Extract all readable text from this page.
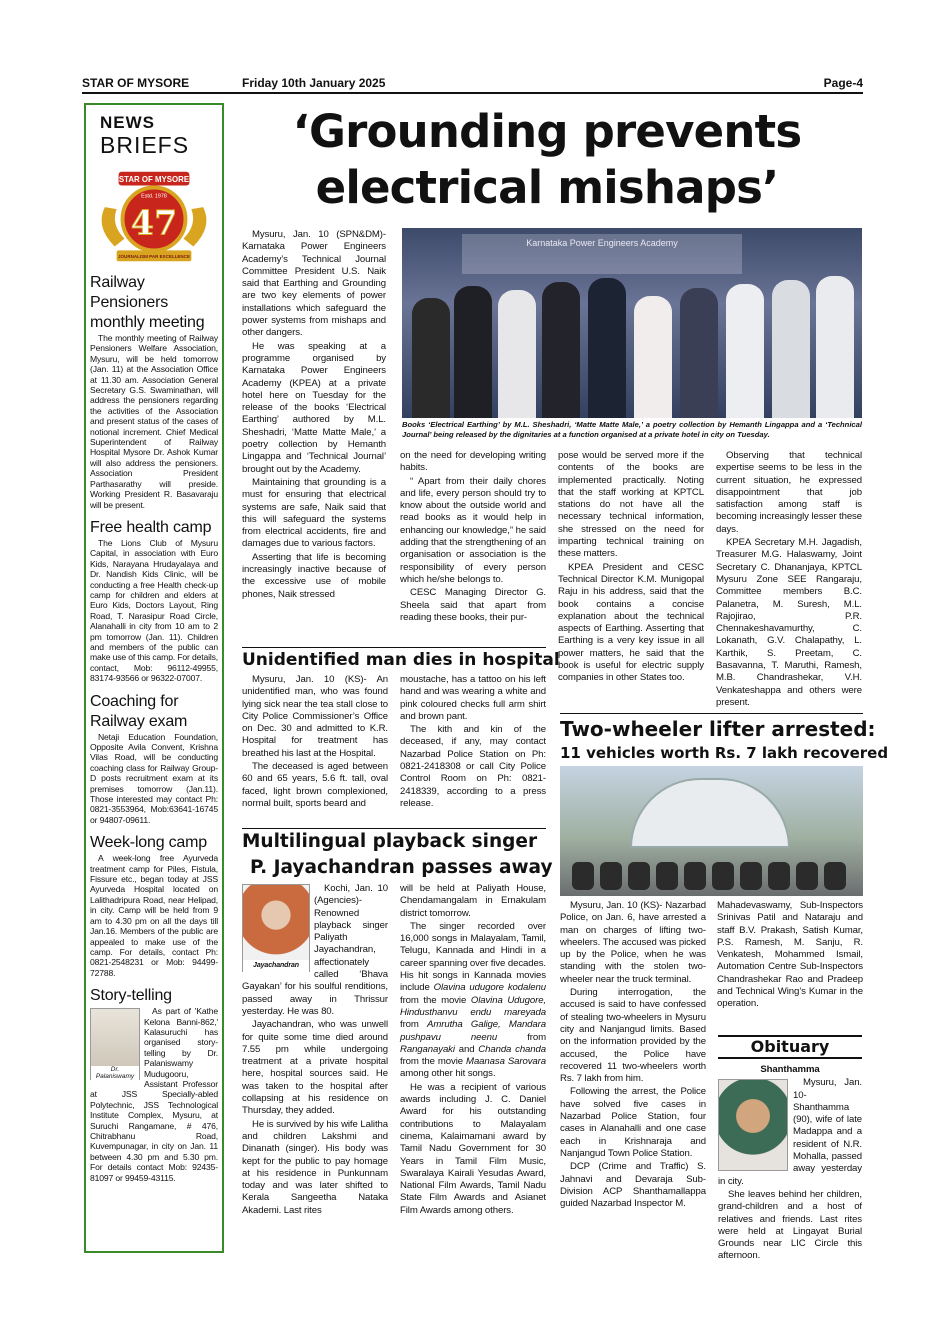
STAR OF MYSORE	Friday 10th January 2025	Page-4
NEWS
BRIEFS
STAR OF MYSORE
Estd. 1978
47
JOURNALISM PAR EXCELLENCE
Railway Pensioners monthly meeting
The monthly meeting of Railway Pensioners Welfare Association, Mysuru, will be held tomorrow (Jan. 11) at the Association Office at 11.30 am. Association General Secretary G.S. Swaminathan, will address the pensioners regarding the activities of the Association and present status of the cases of notional increment. Chief Medical Superintendent of Railway Hospital Mysore Dr. Ashok Kumar will also address the pensioners. Association President Parthasarathy will preside. Working President R. Basavaraju will be present.
Free health camp
The Lions Club of Mysuru Capital, in association with Euro Kids, Narayana Hrudayalaya and Dr. Nandish Kids Clinic, will be conducting a free Health check-up camp for children and elders at Euro Kids, Doctors Layout, Ring Road, T. Narasipur Road Circle, Alanahalli in city from 10 am to 2 pm tomorrow (Jan. 11). Children and members of the public can make use of this camp. For details, contact, Mob: 96112-49955, 83174-93566 or 96322-07007.
Coaching for Railway exam
Netaji Education Foundation, Opposite Avila Convent, Krishna Vilas Road, will be conducting coaching class for Railway Group-D posts recruitment exam at its premises tomorrow (Jan.11). Those interested may contact Ph: 0821-3553964, Mob:63641-16745 or 94807-09611.
Week-long camp
A week-long free Ayurveda treatment camp for Piles, Fistula, Fissure etc., began today at JSS Ayurveda Hospital located on Lalithadripura Road, near Helipad, in city. Camp will be held from 9 am to 4.30 pm on all the days till Jan.16. Members of the public are appealed to make use of the camp. For details, contact Ph: 0821-2548231 or Mob: 94499-72788.
Story-telling
Dr. Palaniswamy
As part of 'Kathe Kelona Banni-862,' Kalasuruchi has organised story-telling by Dr. Palaniswamy Mudugooru, Assistant Professor at JSS Specially-abled Polytechnic, JSS Technological Institute Complex, Mysuru, at Suruchi Rangamane, # 476, Chitrabhanu Road, Kuvempunagar, in city on Jan. 11 between 4.30 pm and 5.30 pm. For details contact Mob: 92435-81097 or 99459-43115.
‘Grounding prevents
electrical mishaps’

Mysuru, Jan. 10 (SPN&DM)- Karnataka Power Engineers Academy’s Technical Journal Committee President U.S. Naik said that Earthing and Grounding are two key elements of power installations which safeguard the power systems from mishaps and other dangers.

He was speaking at a programme organised by Karnataka Power Engineers Academy (KPEA) at a private hotel here on Tuesday for the release of the books ‘Electrical Earthing’ authored by M.L. Sheshadri, ‘Matte Matte Male,’ a poetry collection by Hemanth Lingappa and ‘Technical Journal’ brought out by the Academy.

Maintaining that grounding is a must for ensuring that electrical systems are safe, Naik said that this will safeguard the systems from electrical accidents, fire and damages due to various factors.

Asserting that life is becoming increasingly inactive because of the excessive use of mobile phones, Naik stressed

Karnataka Power Engineers Academy
Books ‘Electrical Earthing’ by M.L. Sheshadri, ‘Matte Matte Male,’ a poetry collection by Hemanth Lingappa and a ‘Technical Journal’ being released by the dignitaries at a function organised at a private hotel in city on Tuesday.

on the need for developing writing habits.

“ Apart from their daily chores and life, every person should try to know about the outside world and read books as it would help in enhancing our knowledge,” he said adding that the strengthening of an organisation or association is the responsibility of every person which he/she belongs to.

CESC Managing Director G. Sheela said that apart from reading these books, their pur-

pose would be served more if the contents of the books are implemented practically. Noting that the staff working at KPTCL stations do not have all the necessary technical information, she stressed on the need for imparting technical training on these matters.

KPEA President and CESC Technical Director K.M. Munigopal Raju in his address, said that the book contains a concise explanation about the technical aspects of Earthing. Asserting that Earthing is a very key issue in all power matters, he said that the book is useful for electric supply companies in other States too.

Observing that technical expertise seems to be less in the current situation, he expressed disappointment that job satisfaction among staff is becoming increasingly lesser these days.

KPEA Secretary M.H. Jagadish, Treasurer M.G. Halaswamy, Joint Secretary C. Dhananjaya, KPTCL Mysuru Zone SEE Rangaraju, Committee members B.C. Palanetra, M. Suresh, M.L. Rajojirao, P.R. Chennakeshavamurthy, C. Lokanath, G.V. Chalapathy, L. Karthik, S. Preetam, C. Basavanna, T. Maruthi, Ramesh, M.B. Chandrashekar, V.H. Venkateshappa and others were present.

Unidentified man dies in hospital

Mysuru, Jan. 10 (KS)- An unidentified man, who was found lying sick near the tea stall close to City Police Commissioner’s Office on Dec. 30 and admitted to K.R. Hospital for treatment has breathed his last at the Hospital.

The deceased is aged between 60 and 65 years, 5.6 ft. tall, oval faced, light brown complexioned, normal built, sports beard and

moustache, has a tattoo on his left hand and was wearing a white and pink coloured checks full arm shirt and brown pant.

The kith and kin of the deceased, if any, may contact Nazarbad Police Station on Ph: 0821-2418308 or call City Police Control Room on Ph: 0821-2418339, according to a press release.

Multilingual playback singer
P. Jayachandran passes away
Jayachandran

Kochi, Jan. 10 (Agencies)- Renowned playback singer Paliyath Jayachandran, affectionately called ‘Bhava Gayakan’ for his soulful renditions, passed away in Thrissur yesterday. He was 80.

Jayachandran, who was unwell for quite some time died around 7.55 pm while undergoing treatment at a private hospital here, hospital sources said. He was taken to the hospital after collapsing at his residence on Thursday, they added.

He is survived by his wife Lalitha and children Lakshmi and Dinanath (singer). His body was kept for the public to pay homage at his residence in Punkunnam today and was later shifted to Kerala Sangeetha Nataka Akademi. Last rites

will be held at Paliyath House, Chendamangalam in Ernakulam district tomorrow.

The singer recorded over 16,000 songs in Malayalam, Tamil, Telugu, Kannada and Hindi in a career spanning over five decades. His hit songs in Kannada movies include Olavina udugore kodalenu from the movie Olavina Udugore, Hindusthanvu endu mareyada from Amrutha Galige, Mandara pushpavu neenu from Ranganayaki and Chanda chanda from the movie Maanasa Sarovara among other hit songs.

He was a recipient of various awards including J. C. Daniel Award for his outstanding contributions to Malayalam cinema, Kalaimamani award by Tamil Nadu Government for 30 Years in Tamil Film Music, Swaralaya Kairali Yesudas Award, National Film Awards, Tamil Nadu State Film Awards and Asianet Film Awards among others.

Two-wheeler lifter arrested:
11 vehicles worth Rs. 7 lakh recovered

Mysuru, Jan. 10 (KS)- Nazarbad Police, on Jan. 6, have arrested a man on charges of lifting two-wheelers. The accused was picked up by the Police, when he was standing with the stolen two-wheeler near the truck terminal.

During interrogation, the accused is said to have confessed of stealing two-wheelers in Mysuru city and Nanjangud limits. Based on the information provided by the accused, the Police have recovered 11 two-wheelers worth Rs. 7 lakh from him.

Following the arrest, the Police have solved five cases in Nazarbad Police Station, four cases in Alanahalli and one case each in Krishnaraja and Nanjangud Town Police Station.

DCP (Crime and Traffic) S. Jahnavi and Devaraja Sub-Division ACP Shanthamallappa guided Nazarbad Inspector M.

Mahadevaswamy, Sub-Inspectors Srinivas Patil and Nataraju and staff B.V. Prakash, Satish Kumar, P.S. Ramesh, M. Sanju, R. Venkatesh, Mohammed Ismail, Automation Centre Sub-Inspectors Chandrashekar Rao and Pradeep and Technical Wing’s Kumar in the operation.

Obituary
Shanthamma

Mysuru, Jan. 10- Shanthamma (90), wife of late Madappa and a resident of N.R. Mohalla, passed away yesterday in city.

She leaves behind her children, grand-children and a host of relatives and friends. Last rites were held at Lingayat Burial Grounds near LIC Circle this afternoon.
